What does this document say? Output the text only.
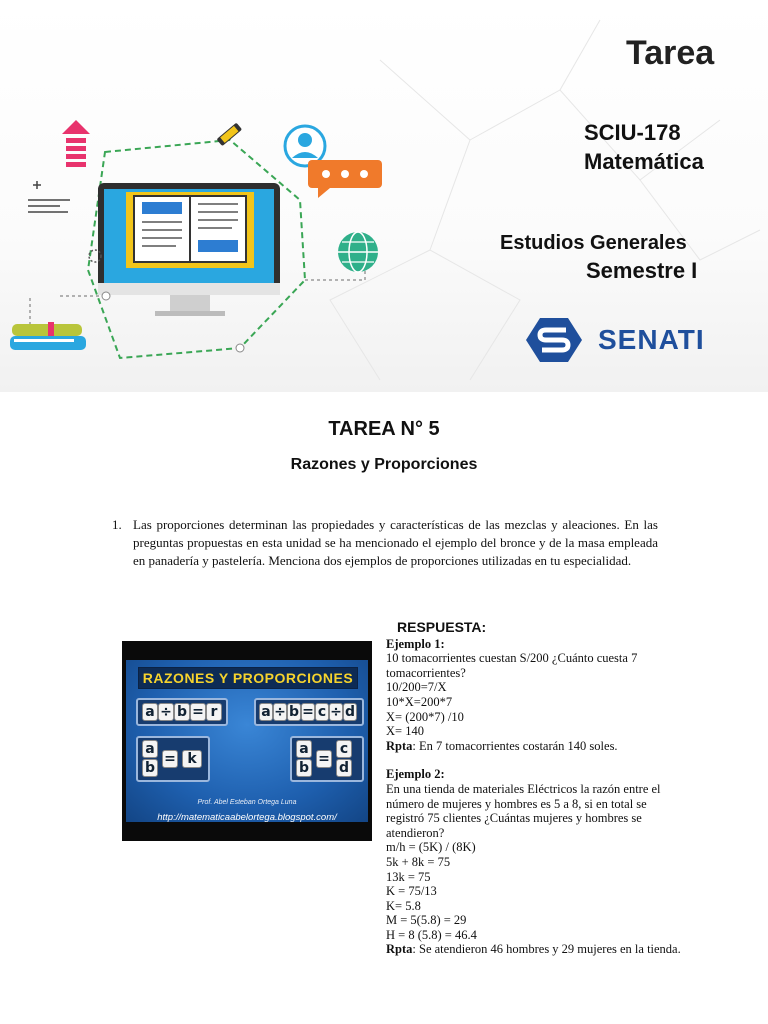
Tarea
SCIU-178
Matemática
Estudios Generales
Semestre I
SENATI
TAREA N° 5
Razones y Proporciones
1. Las proporciones determinan las propiedades y características de las mezclas y aleaciones. En las preguntas propuestas en esta unidad se ha mencionado el ejemplo del bronce y de la masa empleada en panadería y pastelería. Menciona dos ejemplos de proporciones utilizadas en tu especialidad.
RAZONES Y PROPORCIONES
a ÷ b = r	a ÷ b = c ÷ d
a
b
= k
a
b
=
c
d
Prof. Abel Esteban Ortega Luna
http://matematicaabelortega.blogspot.com/
RESPUESTA:
Ejemplo 1:
10 tomacorrientes cuestan S/200 ¿Cuánto cuesta 7
tomacorrientes?
10/200=7/X
10*X=200*7
X= (200*7) /10
X= 140
Rpta: En 7 tomacorrientes costarán 140 soles.
Ejemplo 2:
En una tienda de materiales Eléctricos la razón entre el
número de mujeres y hombres es 5 a 8, si en total se
registró 75 clientes ¿Cuántas mujeres y hombres se
atendieron?
m/h = (5K) / (8K)
5k + 8k = 75
13k = 75
K = 75/13
K= 5.8
M = 5(5.8) = 29
H = 8 (5.8) = 46.4
Rpta: Se atendieron 46 hombres y 29 mujeres en la tienda.
